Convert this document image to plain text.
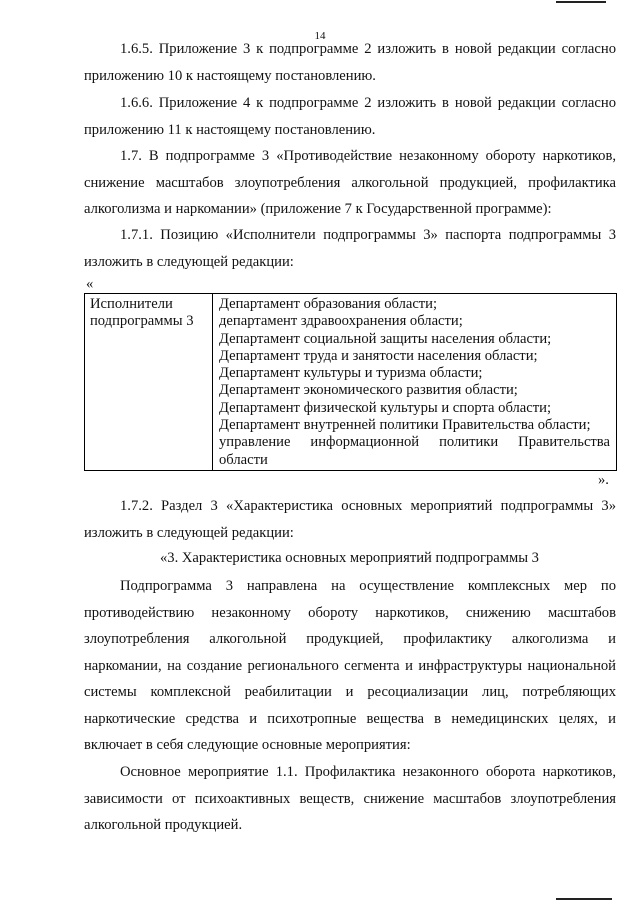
14
1.6.5. Приложение 3 к подпрограмме 2 изложить в новой редакции согласно приложению 10 к настоящему постановлению.
1.6.6. Приложение 4 к подпрограмме 2 изложить в новой редакции согласно приложению 11 к настоящему постановлению.
1.7. В подпрограмме 3 «Противодействие незаконному обороту наркотиков, снижение масштабов злоупотребления алкогольной продукцией, профилактика алкоголизма и наркомании» (приложение 7 к Государственной программе):
1.7.1. Позицию «Исполнители подпрограммы 3» паспорта подпрограммы 3 изложить в следующей редакции:
«
Исполнители подпрограммы 3
Департамент образования области;
департамент здравоохранения области;
Департамент социальной защиты населения области;
Департамент труда и занятости населения области;
Департамент культуры и туризма области;
Департамент экономического развития области;
Департамент физической культуры и спорта области;
Департамент внутренней политики Правительства области;
управление информационной политики Правительства области
».
1.7.2. Раздел 3 «Характеристика основных мероприятий подпрограммы 3» изложить в следующей редакции:
«3. Характеристика основных мероприятий подпрограммы 3
Подпрограмма 3 направлена на осуществление комплексных мер по противодействию незаконному обороту наркотиков, снижению масштабов злоупотребления алкогольной продукцией, профилактику алкоголизма и наркомании, на создание регионального сегмента и инфраструктуры национальной системы комплексной реабилитации и ресоциализации лиц, потребляющих наркотические средства и психотропные вещества в немедицинских целях, и включает в себя следующие основные мероприятия:
Основное мероприятие 1.1. Профилактика незаконного оборота наркотиков, зависимости от психоактивных веществ, снижение масштабов злоупотребления алкогольной продукцией.
